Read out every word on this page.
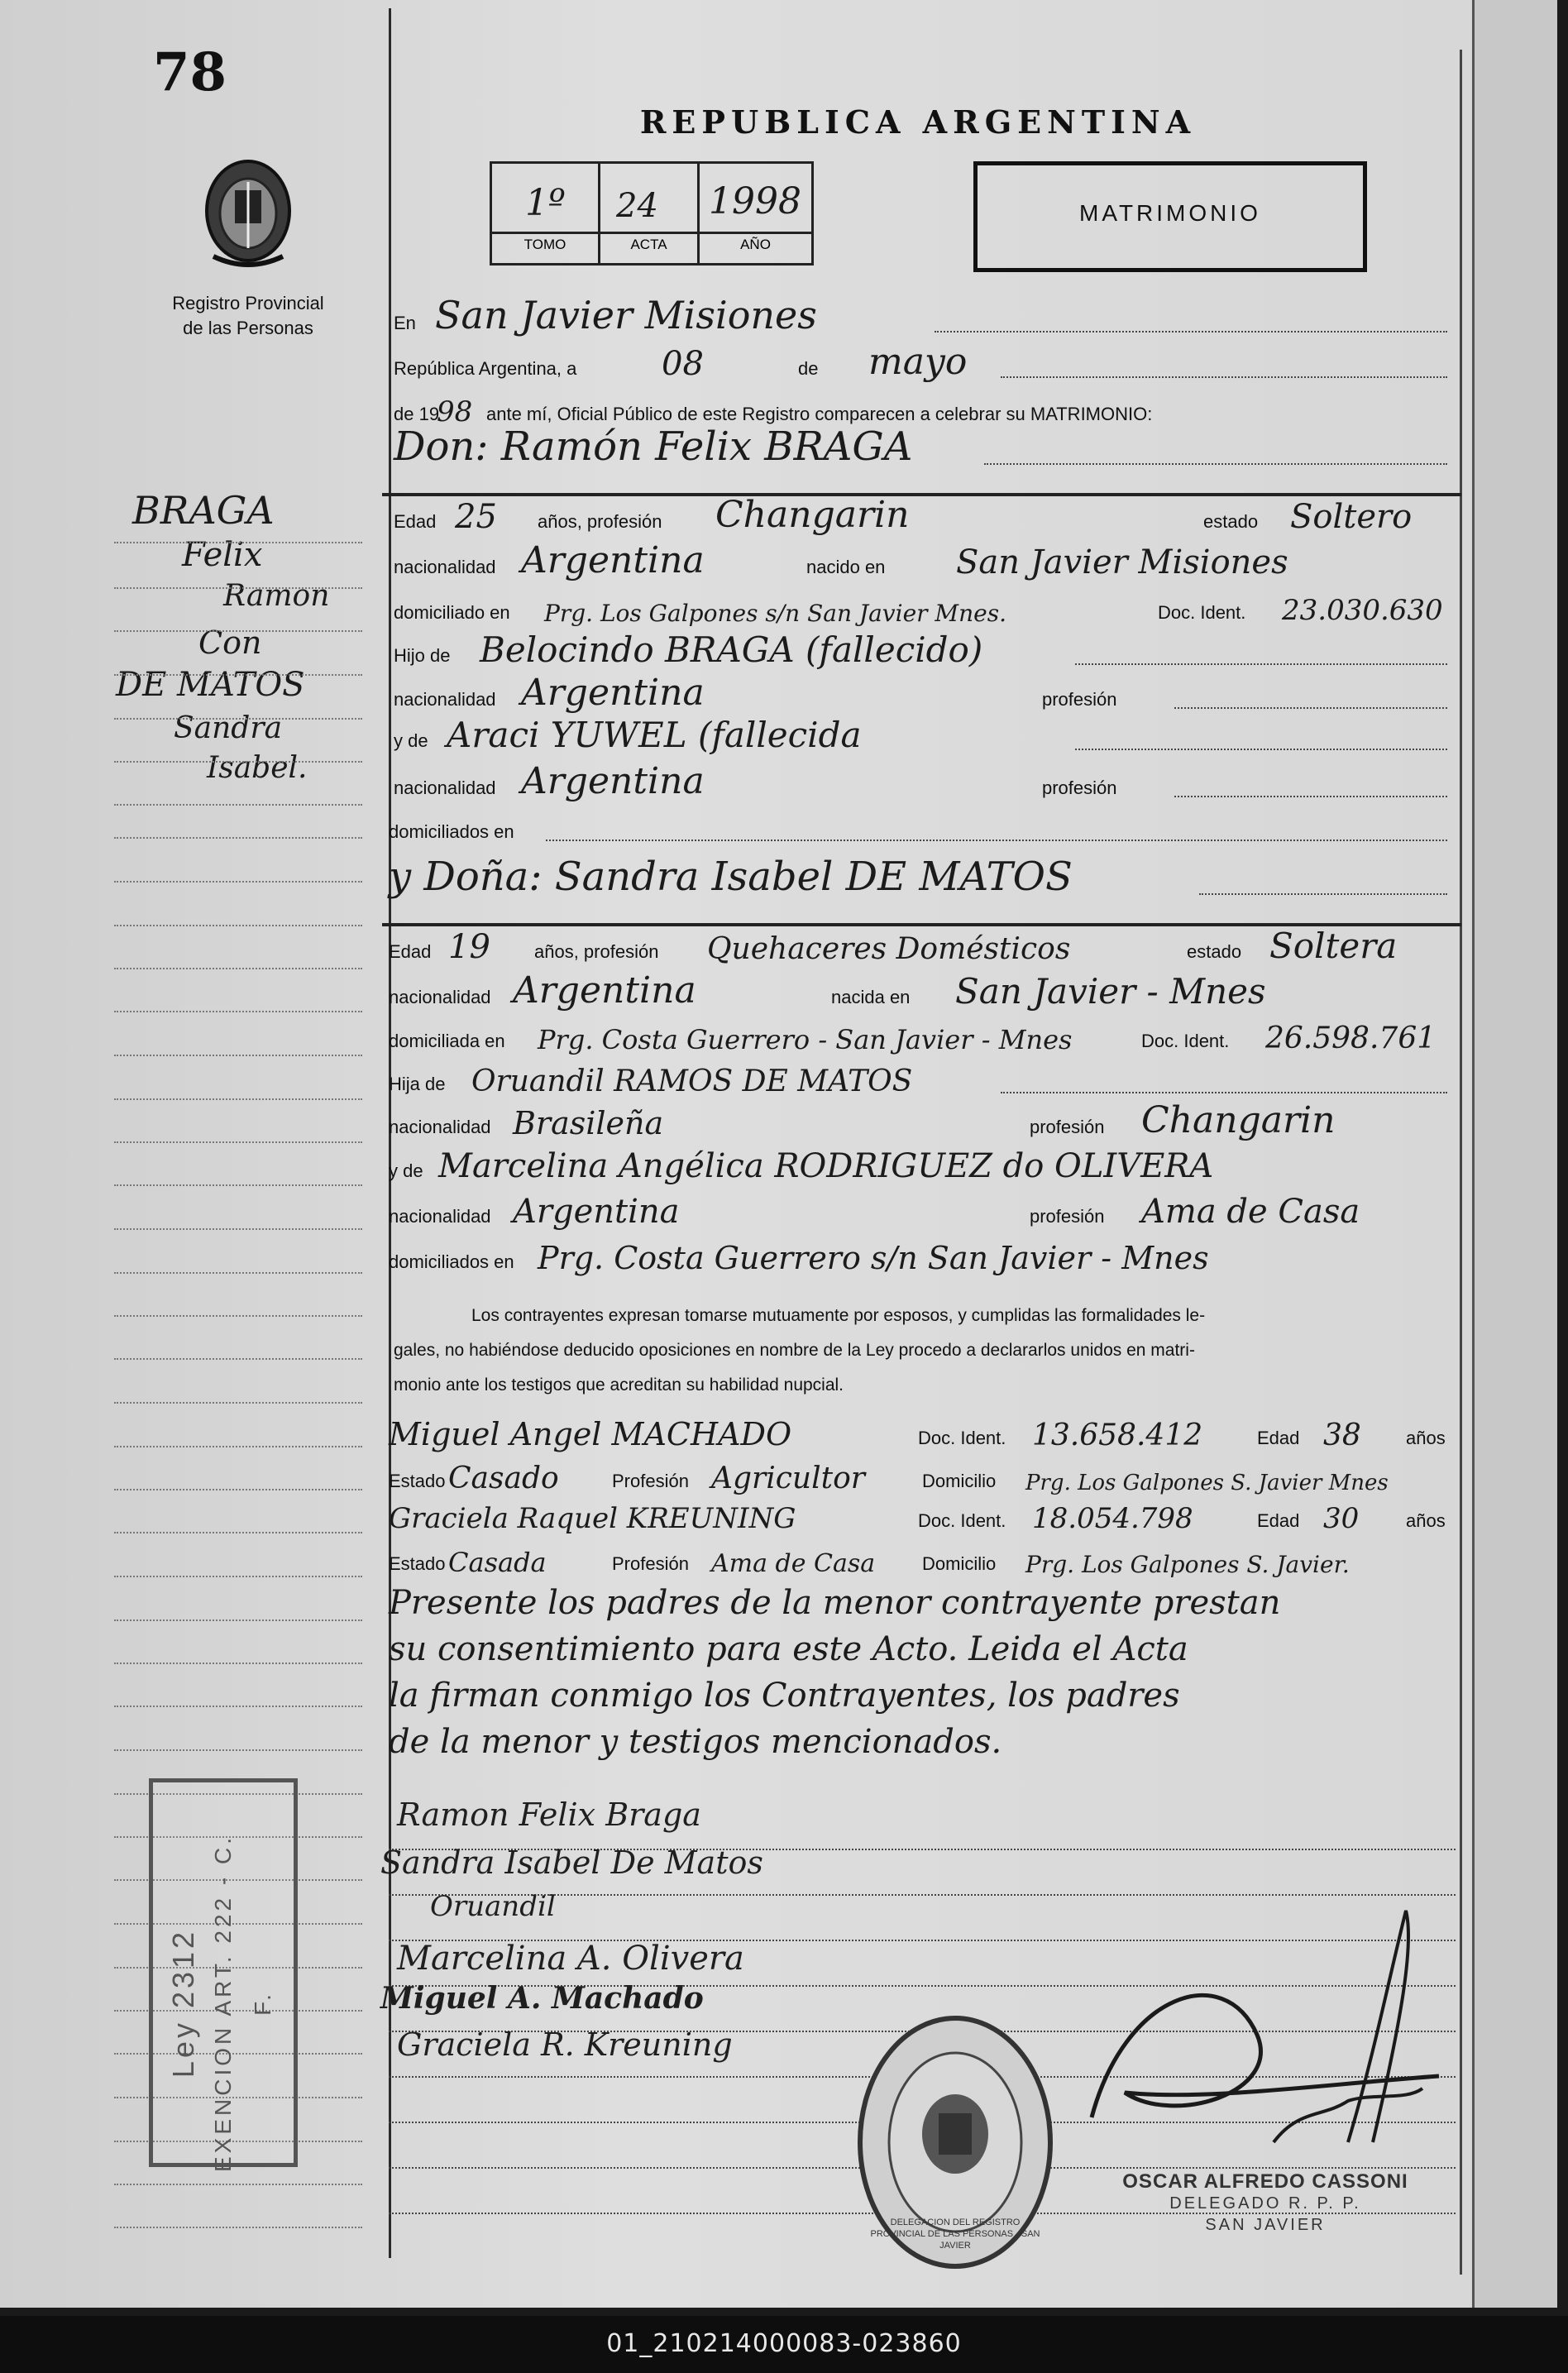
78
Registro Provincial
de las Personas
BRAGA
Felix
Ramon
Con
DE MATOS
Sandra
Isabel.
REPUBLICA ARGENTINA
1º 24 1998
TOMO	ACTA	AÑO
MATRIMONIO
En San Javier Misiones
República Argentina, a	08	de mayo
de 19
98 ante mí, Oficial Público de este Registro comparecen a celebrar su MATRIMONIO:
Don: Ramón Felix BRAGA
Edad 25 años, profesión Changarin	estado Soltero
nacionalidad Argentina	nacido en San Javier Misiones
domiciliado en Prg. Los Galpones s/n San Javier Mnes.	Doc. Ident. 23.030.630
Hijo de Belocindo BRAGA (fallecido)
nacionalidad Argentina	profesión
y de Araci YUWEL (fallecida
nacionalidad Argentina	profesión
domiciliados en
y Doña: Sandra Isabel DE MATOS
Edad 19 años, profesión Quehaceres Domésticos	estado Soltera
nacionalidad Argentina	nacida en San Javier - Mnes
domiciliada en Prg. Costa Guerrero - San Javier - Mnes	Doc. Ident. 26.598.761
Hija de Oruandil RAMOS DE MATOS
nacionalidad Brasileña	profesión Changarin
y de Marcelina Angélica RODRIGUEZ do OLIVERA
nacionalidad Argentina	profesión Ama de Casa
domiciliados en Prg. Costa Guerrero s/n San Javier - Mnes
Los contrayentes expresan tomarse mutuamente por esposos, y cumplidas las formalidades le-
gales, no habiéndose deducido oposiciones en nombre de la Ley procedo a declararlos unidos en matri-
monio ante los testigos que acreditan su habilidad nupcial.
Miguel Angel MACHADO	Doc. Ident. 13.658.412	Edad 38 años
Estado Casado	Profesión Agricultor	Domicilio Prg. Los Galpones S. Javier Mnes
Graciela Raquel KREUNING	Doc. Ident. 18.054.798	Edad 30	años
Estado Casada	Profesión Ama de Casa	Domicilio Prg. Los Galpones S. Javier.
Presente los padres de la menor contrayente prestan
su consentimiento para este Acto. Leida el Acta
la firman conmigo los Contrayentes, los padres
de la menor y testigos mencionados.
Ramon Felix Braga
Sandra Isabel De Matos
Oruandil
Marcelina A. Olivera
Miguel A. Machado
Graciela R. Kreuning
Ley 2312 EXENCION ART. 222 - C. F.
DELEGACION DEL REGISTRO PROVINCIAL DE LAS PERSONAS · SAN JAVIER
OSCAR ALFREDO CASSONI
DELEGADO R. P. P.
SAN JAVIER
01_210214000083-023860
